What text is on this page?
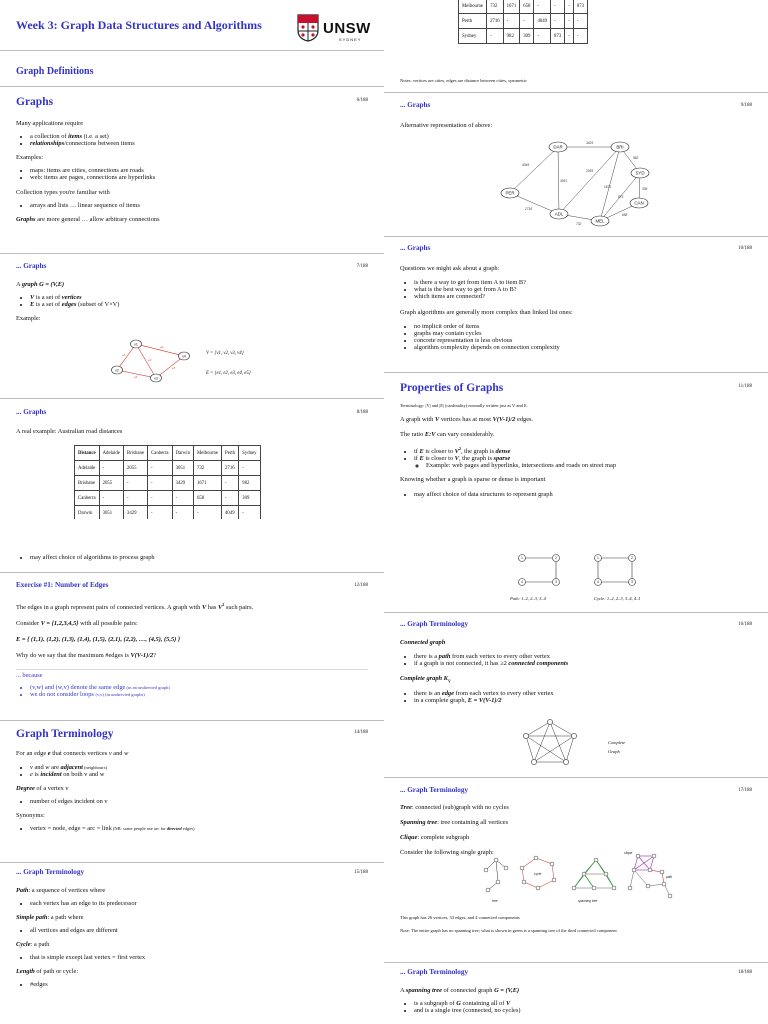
Week 3: Graph Data Structures and Algorithms	UNSW
SYDNEY
Graph Definitions
Graphs	6/188

Many applications require

• a collection of items (i.e. a set)
• relationships/connections between items

Examples:

• maps: items are cities, connections are roads
• web: items are pages, connections are hyperlinks

Collection types you're familiar with

• arrays and lists … linear sequence of items

Graphs are more general … allow arbitrary connections

... Graphs	7/188

A graph G = (V,E)

• V is a set of vertices
• E is a set of edges (subset of V×V)

Example:

v1
v2
v3
v4
e1
e2
e3
e4
e5
V = {v1, v2, v3, v4}
E = {e1, e2, e3, e4, e5}
... Graphs	8/188

A real example: Australian road distances

Distance	Adelaide	Brisbane	Canberra	Darwin	Melbourne	Perth	Sydney
Adelaide	-	2055	-	3051	732	2716	-
Brisbane	2055	-	-	3429	1671	-	982
Canberra	-	-	-	-	658	-	309
Darwin	3051	3429	-	-	-	4049	-

• may affect choice of algorithms to process graph
Exercise #1: Number of Edges	12/188

The edges in a graph represent pairs of connected vertices. A graph with V has $V^2$ such pairs.

Consider V = {1,2,3,4,5} with all possible pairs:

E = { (1,1), (1,2), (1,3), (1,4), (1,5), (2,1), (2,2), …, (4,5), (5,5) }

Why do we say that the maximum #edges is V(V-1)/2?

... because

• (v,w) and (w,v) denote the same edge (in an undirected graph)
• we do not consider loops (v,v) (in undirected graphs)
Graph Terminology	14/188

For an edge e that connects vertices v and w

• v and w are adjacent (neighbours)
• e is incident on both v and w

Degree of a vertex v

• number of edges incident on v

Synonyms:

• vertex = node, edge = arc = link (NB: some people use arc for directed edges)
... Graph Terminology	15/188

Path: a sequence of vertices where

• each vertex has an edge to its predecessor

Simple path: a path where

• all vertices and edges are different

Cycle: a path

• that is simple except last vertex = first vertex

Length of path or cycle:

• #edges
Melbourne	732	1671	658	-	-	-	873
Perth	2716	-	-	4049	-	-	-
Sydney	-	982	309	-	873	-	-
Notes: vertices are cities, edges are distance between cities, symmetric
... Graphs	9/188

Alternative representation of above:

DAR	BRI
SYD
CAN
MEL
ADL
PER
3429
4049
982
3051
2055
1671	309
2716
732
658
873
... Graphs	10/188

Questions we might ask about a graph:

• is there a way to get from item A to item B?
• what is the best way to get from A to B?
• which items are connected?

Graph algorithms are generally more complex than linked list ones:

• no implicit order of items
• graphs may contain cycles
• concrete representation is less obvious
• algorithm complexity depends on connection complexity
Properties of Graphs	11/188

Terminology: |V| and |E| (cardinality) normally written just as V and E.

A graph with V vertices has at most V(V-1)/2 edges.

The ratio E:V can vary considerably.

• if E is closer to $V^2$, the graph is dense
• if E is closer to V, the graph is sparse
◦ Example: web pages and hyperlinks, intersections and roads on street map

Knowing whether a graph is sparse or dense is important

• may affect choice of data structures to represent graph
1	2
3
4
1	2
3
4
Path: 1–2, 2–3, 3–4	Cycle: 1–2, 2–3, 3–4, 4–1
... Graph Terminology	16/188

Connected graph

• there is a path from each vertex to every other vertex
• if a graph is not connected, it has ≥2 connected components

Complete graph $K_V$

• there is an edge from each vertex to every other vertex
• in a complete graph, E = V(V-1)/2
Complete
Graph
... Graph Terminology	17/188

Tree: connected (sub)graph with no cycles

Spanning tree: tree containing all vertices

Clique: complete subgraph

Consider the following single graph:

cycle
tree	spanning tree
clique
path

This graph has 26 vertices, 33 edges, and 4 connected components

Note: The entire graph has no spanning tree; what is shown in green is a spanning tree of the third connected component

... Graph Terminology	18/188

A spanning tree of connected graph G = (V,E)

• is a subgraph of G containing all of V
• and is a single tree (connected, no cycles)
